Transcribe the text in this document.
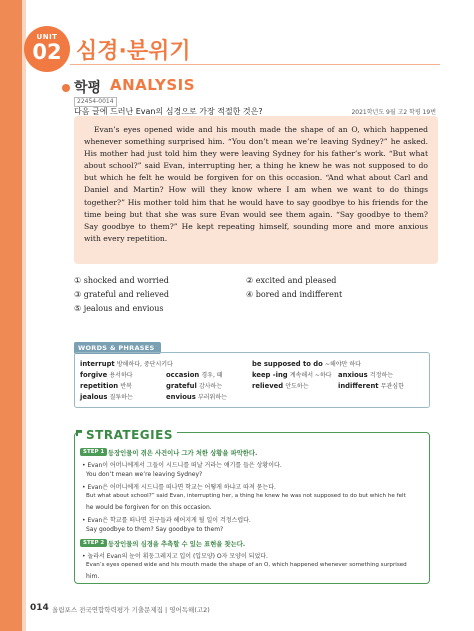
UNIT
02 심경·분위기
학평 ANALYSIS
22454-0014
다음 글에 드러난 Evan의 심경으로 가장 적절한 것은?	2021학년도 9월 고2 학평 19번

Evan’s eyes opened wide and his mouth made the shape of an O, which happened whenever something surprised him. “You don’t mean we’re leaving Sydney?” he asked. His mother had just told him they were leaving Sydney for his father’s work. “But what about school?” said Evan, interrupting her, a thing he knew he was not supposed to do but which he felt he would be forgiven for on this occasion. “And what about Carl and Daniel and Martin? How will they know where I am when we want to do things together?” His mother told him that he would have to say goodbye to his friends for the time being but that she was sure Evan would see them again. “Say goodbye to them? Say goodbye to them?” He kept repeating himself, sounding more and more anxious with every repetition.

① shocked and worried	② excited and pleased
③ grateful and relieved	④ bored and indifferent
⑤ jealous and envious
WORDS & PHRASES
interrupt 방해하다, 중단시키다	be supposed to do ~해야만 하다
forgive 용서하다	occasion 경우, 때	keep -ing 계속해서 ~하다 anxious 걱정하는
repetition 반복	grateful 감사하는	relieved 안도하는	indifferent 무관심한
jealous 질투하는	envious 부러워하는
STRATEGIES
STEP 1 등장인물이 겪은 사건이나 그가 처한 상황을 파악한다.
• Evan이 어머니에게서 그들이 시드니를 떠날 거라는 얘기를 들은 상황이다.
You don’t mean we’re leaving Sydney?
• Evan은 어머니에게 시드니를 떠나면 학교는 어떻게 하냐고 따져 묻는다.
But what about school?” said Evan, interrupting her, a thing he knew he was not supposed to do but which he felt
he would be forgiven for on this occasion.
• Evan은 학교를 떠나면 친구들과 헤어지게 될 일이 걱정스럽다.
Say goodbye to them? Say goodbye to them?
STEP 2 등장인물의 심경을 추측할 수 있는 표현을 찾는다.
• 놀라서 Evan의 눈이 휘둥그레지고 입이 (입모양) O자 모양이 되었다.
Evan’s eyes opened wide and his mouth made the shape of an O, which happened whenever something surprised
him.
014 올림포스 전국연합학력평가 기출문제집 | 영어독해(고2)
